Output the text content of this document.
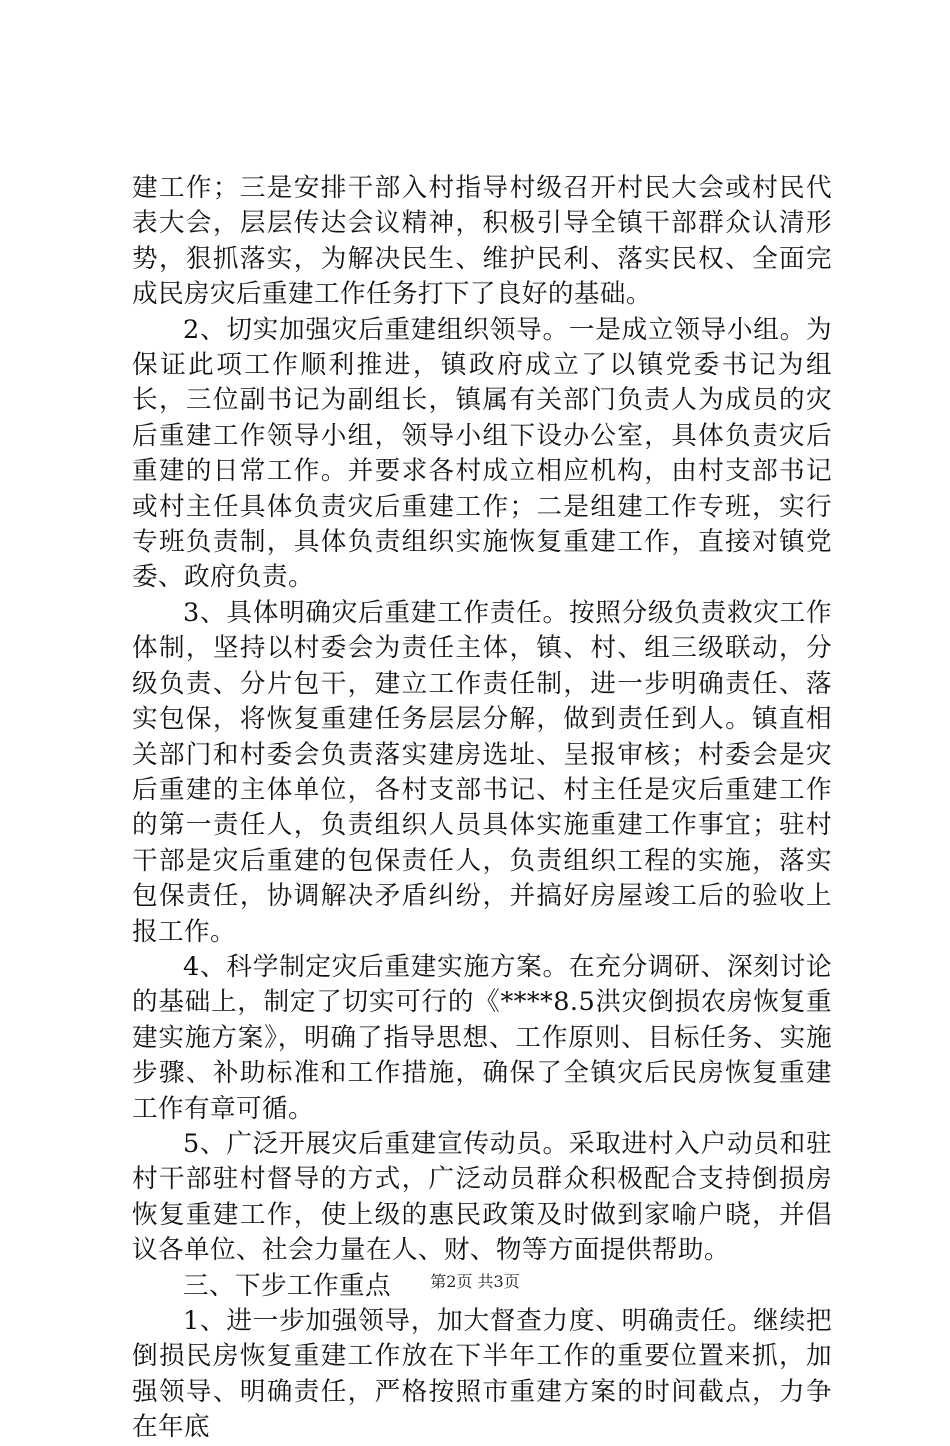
建工作；三是安排干部入村指导村级召开村民大会或村民代表大会，层层传达会议精神，积极引导全镇干部群众认清形势，狠抓落实，为解决民生、维护民利、落实民权、全面完成民房灾后重建工作任务打下了良好的基础。

2、切实加强灾后重建组织领导。一是成立领导小组。为保证此项工作顺利推进，镇政府成立了以镇党委书记为组长，三位副书记为副组长，镇属有关部门负责人为成员的灾后重建工作领导小组，领导小组下设办公室，具体负责灾后重建的日常工作。并要求各村成立相应机构，由村支部书记或村主任具体负责灾后重建工作；二是组建工作专班，实行专班负责制，具体负责组织实施恢复重建工作，直接对镇党委、政府负责。

3、具体明确灾后重建工作责任。按照分级负责救灾工作体制，坚持以村委会为责任主体，镇、村、组三级联动，分级负责、分片包干，建立工作责任制，进一步明确责任、落实包保，将恢复重建任务层层分解，做到责任到人。镇直相关部门和村委会负责落实建房选址、呈报审核；村委会是灾后重建的主体单位，各村支部书记、村主任是灾后重建工作的第一责任人，负责组织人员具体实施重建工作事宜；驻村干部是灾后重建的包保责任人，负责组织工程的实施，落实包保责任，协调解决矛盾纠纷，并搞好房屋竣工后的验收上报工作。

4、科学制定灾后重建实施方案。在充分调研、深刻讨论的基础上，制定了切实可行的《****8.5洪灾倒损农房恢复重建实施方案》，明确了指导思想、工作原则、目标任务、实施步骤、补助标准和工作措施，确保了全镇灾后民房恢复重建工作有章可循。

5、广泛开展灾后重建宣传动员。采取进村入户动员和驻村干部驻村督导的方式，广泛动员群众积极配合支持倒损房恢复重建工作，使上级的惠民政策及时做到家喻户晓，并倡议各单位、社会力量在人、财、物等方面提供帮助。

三、下步工作重点

1、进一步加强领导，加大督查力度、明确责任。继续把倒损民房恢复重建工作放在下半年工作的重要位置来抓，加强领导、明确责任，严格按照市重建方案的时间截点，力争在年底

第2页 共3页
